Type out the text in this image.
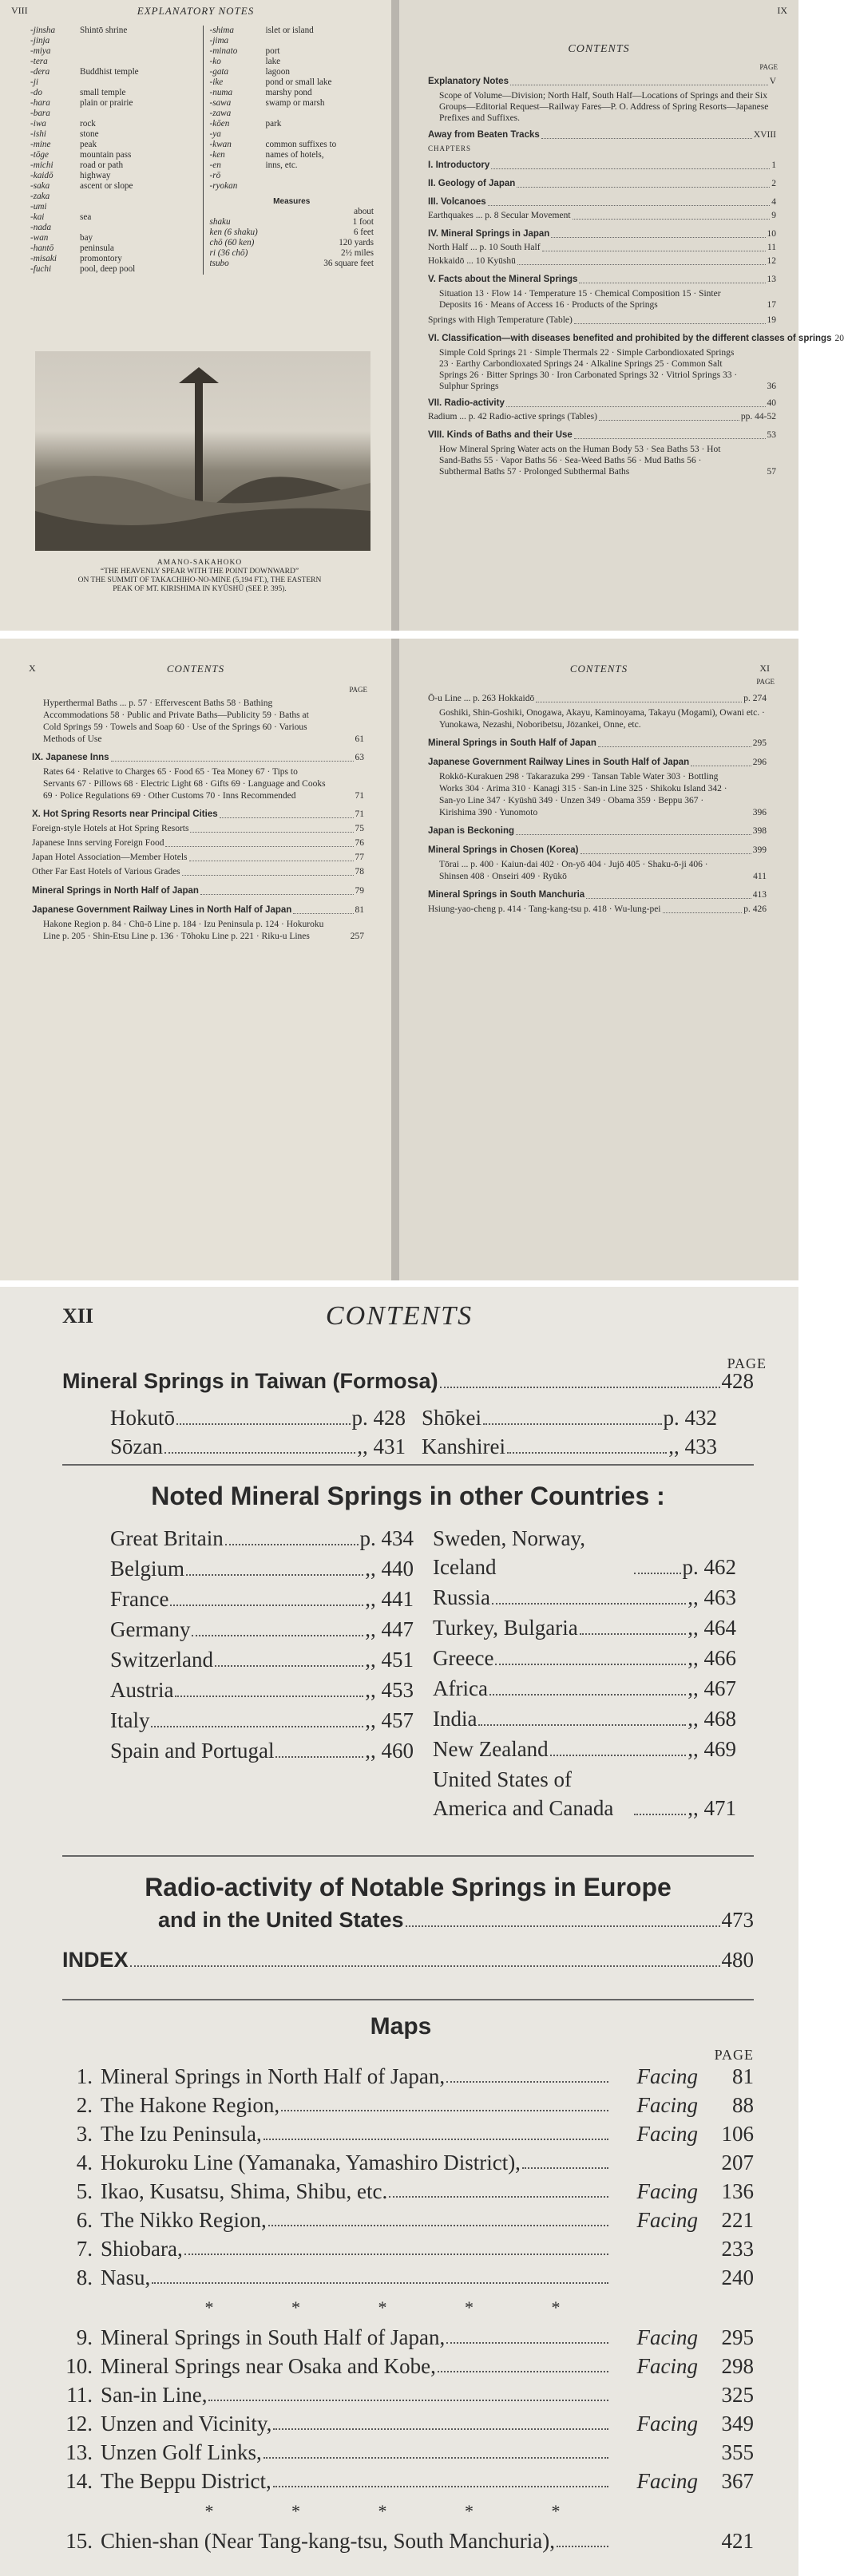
VIII	EXPLANATORY NOTES
-jinsha	Shintō shrine
-jinja
-miya
-tera
-dera	Buddhist temple
-ji
-do	small temple
-hara	plain or prairie
-bara
-iwa	rock
-ishi	stone
-mine	peak
-tōge	mountain pass
-michi	road or path
-kaidō	highway
-saka	ascent or slope
-zaka
-umi
-kai	sea
-nada
-wan	bay
-hantō	peninsula
-misaki	promontory
-fuchi	pool, deep pool
-shima	islet or island
-jima
-minato	port
-ko	lake
-gata	lagoon
-ike	pond or small lake
-numa	marshy pond
-sawa	swamp or marsh
-zawa
-kōen	park
-ya
-kwan	common suffixes to
-ken	names of hotels,
-en	inns, etc.
-rō
-ryokan
Measures
about
shaku	1 foot
ken (6 shaku)	6 feet
chō (60 ken)	120 yards
ri (36 chō)	2½ miles
tsubo	36 square feet
AMANO-SAKAHOKO
“THE HEAVENLY SPEAR WITH THE POINT DOWNWARD”
ON THE SUMMIT OF TAKACHIHO-NO-MINE (5,194 FT.), THE EASTERN
PEAK OF MT. KIRISHIMA IN KYŪSHŪ (SEE P. 395).
IX
CONTENTS
PAGE
Explanatory Notes	V
Scope of Volume—Division; North Half, South Half—Locations of Springs and their Six Groups—Editorial Request—Railway Fares—P. O. Address of Spring Resorts—Japanese Prefixes and Suffixes.
Away from Beaten Tracks	XVIII
CHAPTERS
I. Introductory	1
II. Geology of Japan	2
III. Volcanoes	4
Earthquakes ... p. 8 Secular Movement	9
IV. Mineral Springs in Japan	10
North Half ... p. 10 South Half	11
Hokkaidō ... 10 Kyūshū	12
V. Facts about the Mineral Springs	13
Situation 13 · Flow 14 · Temperature 15 · Chemical Composition 15 · Sinter Deposits 16 · Means of Access 16 · Products of the Springs	17
Springs with High Temperature (Table)	19
VI. Classification—with diseases benefited and prohibited by the different classes of springs 20
Simple Cold Springs 21 · Simple Thermals 22 · Simple Carbondioxated Springs 23 · Earthy Carbondioxated Springs 24 · Alkaline Springs 25 · Common Salt Springs 26 · Bitter Springs 30 · Iron Carbonated Springs 32 · Vitriol Springs 33 · Sulphur Springs	36
VII. Radio-activity	40
Radium ... p. 42 Radio-active springs (Tables)	pp. 44-52
VIII. Kinds of Baths and their Use	53
How Mineral Spring Water acts on the Human Body 53 · Sea Baths 53 · Hot Sand-Baths 55 · Vapor Baths 56 · Sea-Weed Baths 56 · Mud Baths 56 · Subthermal Baths 57 · Prolonged Subthermal Baths	57
X	CONTENTS
PAGE
Hyperthermal Baths ... p. 57 · Effervescent Baths 58 · Bathing Accommodations 58 · Public and Private Baths—Publicity 59 · Baths at Cold Springs 59 · Towels and Soap 60 · Use of the Springs 60 · Various Methods of Use	61
IX. Japanese Inns	63
Rates 64 · Relative to Charges 65 · Food 65 · Tea Money 67 · Tips to Servants 67 · Pillows 68 · Electric Light 68 · Gifts 69 · Language and Cooks 69 · Police Regulations 69 · Other Customs 70 · Inns Recommended	71
X. Hot Spring Resorts near Principal Cities	71
Foreign-style Hotels at Hot Spring Resorts	75
Japanese Inns serving Foreign Food	76
Japan Hotel Association—Member Hotels	77
Other Far East Hotels of Various Grades	78
Mineral Springs in North Half of Japan	79
Japanese Government Railway Lines in North Half of Japan	81
Hakone Region p. 84 · Chū-ō Line p. 184 · Izu Peninsula p. 124 · Hokuroku Line p. 205 · Shin-Etsu Line p. 136 · Tōhoku Line p. 221 · Riku-u Lines	257
XI
CONTENTS
PAGE
Ō-u Line ... p. 263 Hokkaidō	p. 274
Goshiki, Shin-Goshiki, Onogawa, Akayu, Kaminoyama, Takayu (Mogami), Owani etc. · Yunokawa, Nezashi, Noboribetsu, Jōzankei, Onne, etc.
Mineral Springs in South Half of Japan	295
Japanese Government Railway Lines in South Half of Japan	296
Rokkō-Kurakuen 298 · Takarazuka 299 · Tansan Table Water 303 · Bottling Works 304 · Arima 310 · Kanagi 315 · San-in Line 325 · Shikoku Island 342 · San-yo Line 347 · Kyūshū 349 · Unzen 349 · Obama 359 · Beppu 367 · Kirishima 390 · Yunomoto	396
Japan is Beckoning	398
Mineral Springs in Chosen (Korea)	399
Tōrai ... p. 400 · Kaiun-dai 402 · On-yō 404 · Jujō 405 · Shaku-ō-ji 406 · Shinsen 408 · Onseiri 409 · Ryūkō	411
Mineral Springs in South Manchuria	413
Hsiung-yao-cheng p. 414 · Tang-kang-tsu p. 418 · Wu-lung-pei	p. 426
XII	CONTENTS
PAGE
Mineral Springs in Taiwan (Formosa)	428
Hokutō	p. 428 Shōkei	p. 432
Sōzan	,, 431 Kanshirei	,, 433
Noted Mineral Springs in other Countries :
Great Britain	p. 434
Belgium	,, 440
France	,, 441
Germany	,, 447
Switzerland	,, 451
Austria	,, 453
Italy	,, 457
Spain and Portugal	,, 460
Sweden, Norway, Iceland	p. 462
Russia	,, 463
Turkey, Bulgaria	,, 464
Greece	,, 466
Africa	,, 467
India	,, 468
New Zealand	,, 469
United States of America and Canada	,, 471
Radio-activity of Notable Springs in Europe
and in the United States	473
INDEX	480
Maps
PAGE
1. Mineral Springs in North Half of Japan,	Facing	81
2. The Hakone Region,	Facing	88
3. The Izu Peninsula,	Facing	106
4. Hokuroku Line (Yamanaka, Yamashiro District),	207
5. Ikao, Kusatsu, Shima, Shibu, etc.	Facing	136
6. The Nikko Region,	Facing	221
7. Shiobara,	233
8. Nasu,	240
* * * * *
9. Mineral Springs in South Half of Japan,	Facing	295
10. Mineral Springs near Osaka and Kobe,	Facing	298
11. San-in Line,	325
12. Unzen and Vicinity,	Facing	349
13. Unzen Golf Links,	355
14. The Beppu District,	Facing	367
* * * * *
15. Chien-shan (Near Tang-kang-tsu, South Manchuria),	421
